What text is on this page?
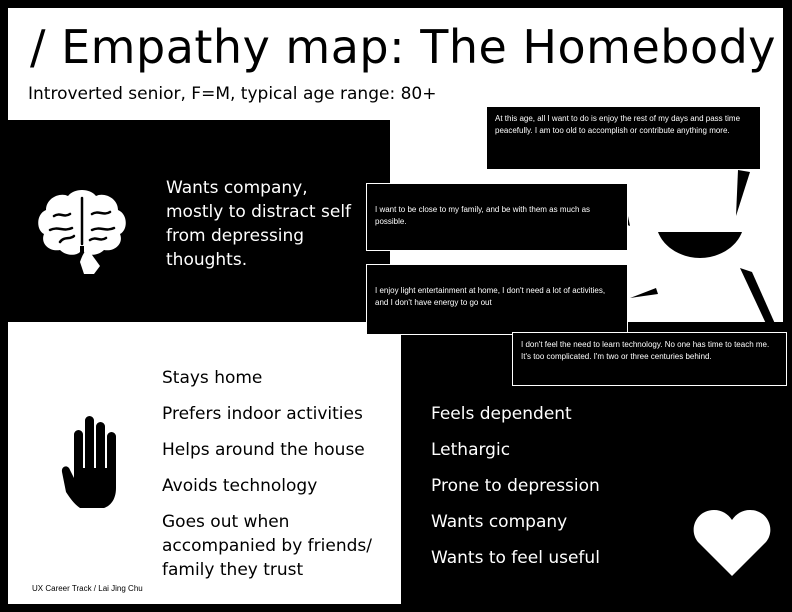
/ Empathy map: The Homebody
Introverted senior, F=M, typical age range: 80+
Wants company, mostly to distract self from depressing thoughts.
At this age, all I want to do is enjoy the rest of my days and pass time peacefully. I am too old to accomplish or contribute anything more.
I want to be close to my family, and be with them as much as possible.
I enjoy light entertainment at home, I don't need a lot of activities, and I don't have energy to go out
I don't feel the need to learn technology. No one has time to teach me. It's too complicated. I'm two or three centuries behind.
Stays home
Prefers indoor activities
Helps around the house
Avoids technology
Goes out when accompanied by friends/ family they trust
Feels dependent
Lethargic
Prone to depression
Wants company
Wants to feel useful
UX Career Track / Lai Jing Chu
